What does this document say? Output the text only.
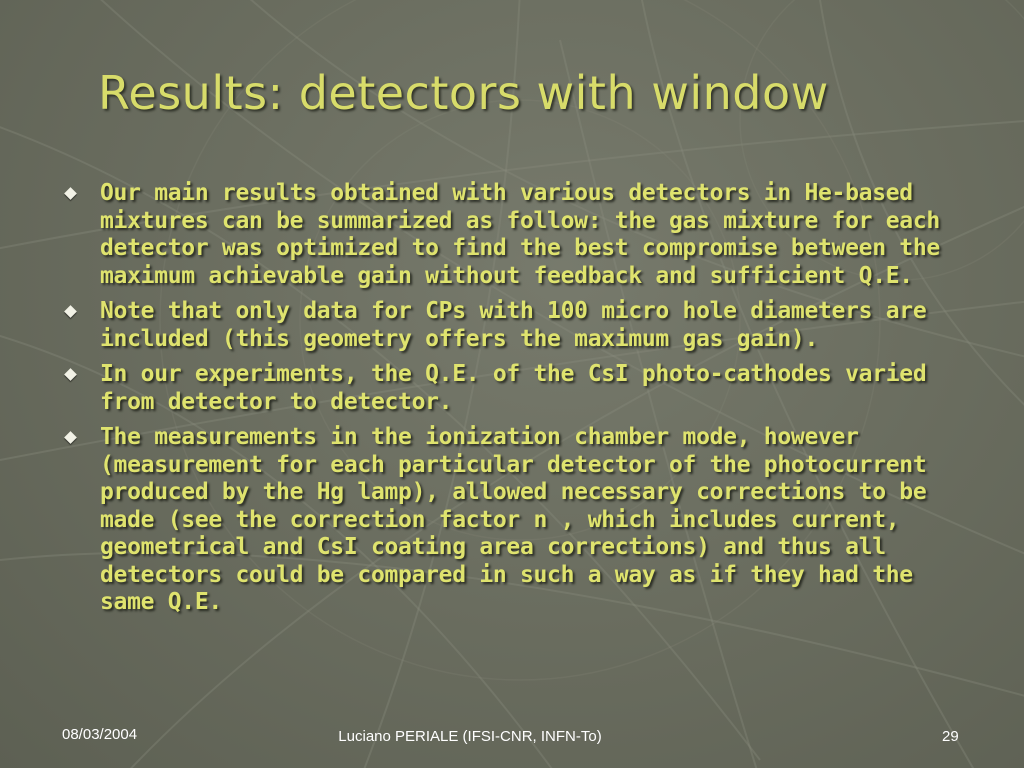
Results: detectors with window
Our main results obtained with various detectors in He-based mixtures can be summarized as follow: the gas mixture for each detector was optimized to find the best compromise between the maximum achievable gain without feedback and sufficient Q.E.
Note that only data for CPs with 100 micro hole diameters are included (this geometry offers the maximum gas gain).
In our experiments, the Q.E. of the CsI photo-cathodes varied from detector to detector.
The measurements in the ionization chamber mode, however (measurement for each particular detector of the photocurrent produced by the Hg lamp), allowed necessary corrections to be made (see the correction factor n , which includes current, geometrical and CsI coating area corrections) and thus all detectors could be compared in such a way as if they had the same Q.E.
08/03/2004	Luciano PERIALE (IFSI-CNR, INFN-To)	29
